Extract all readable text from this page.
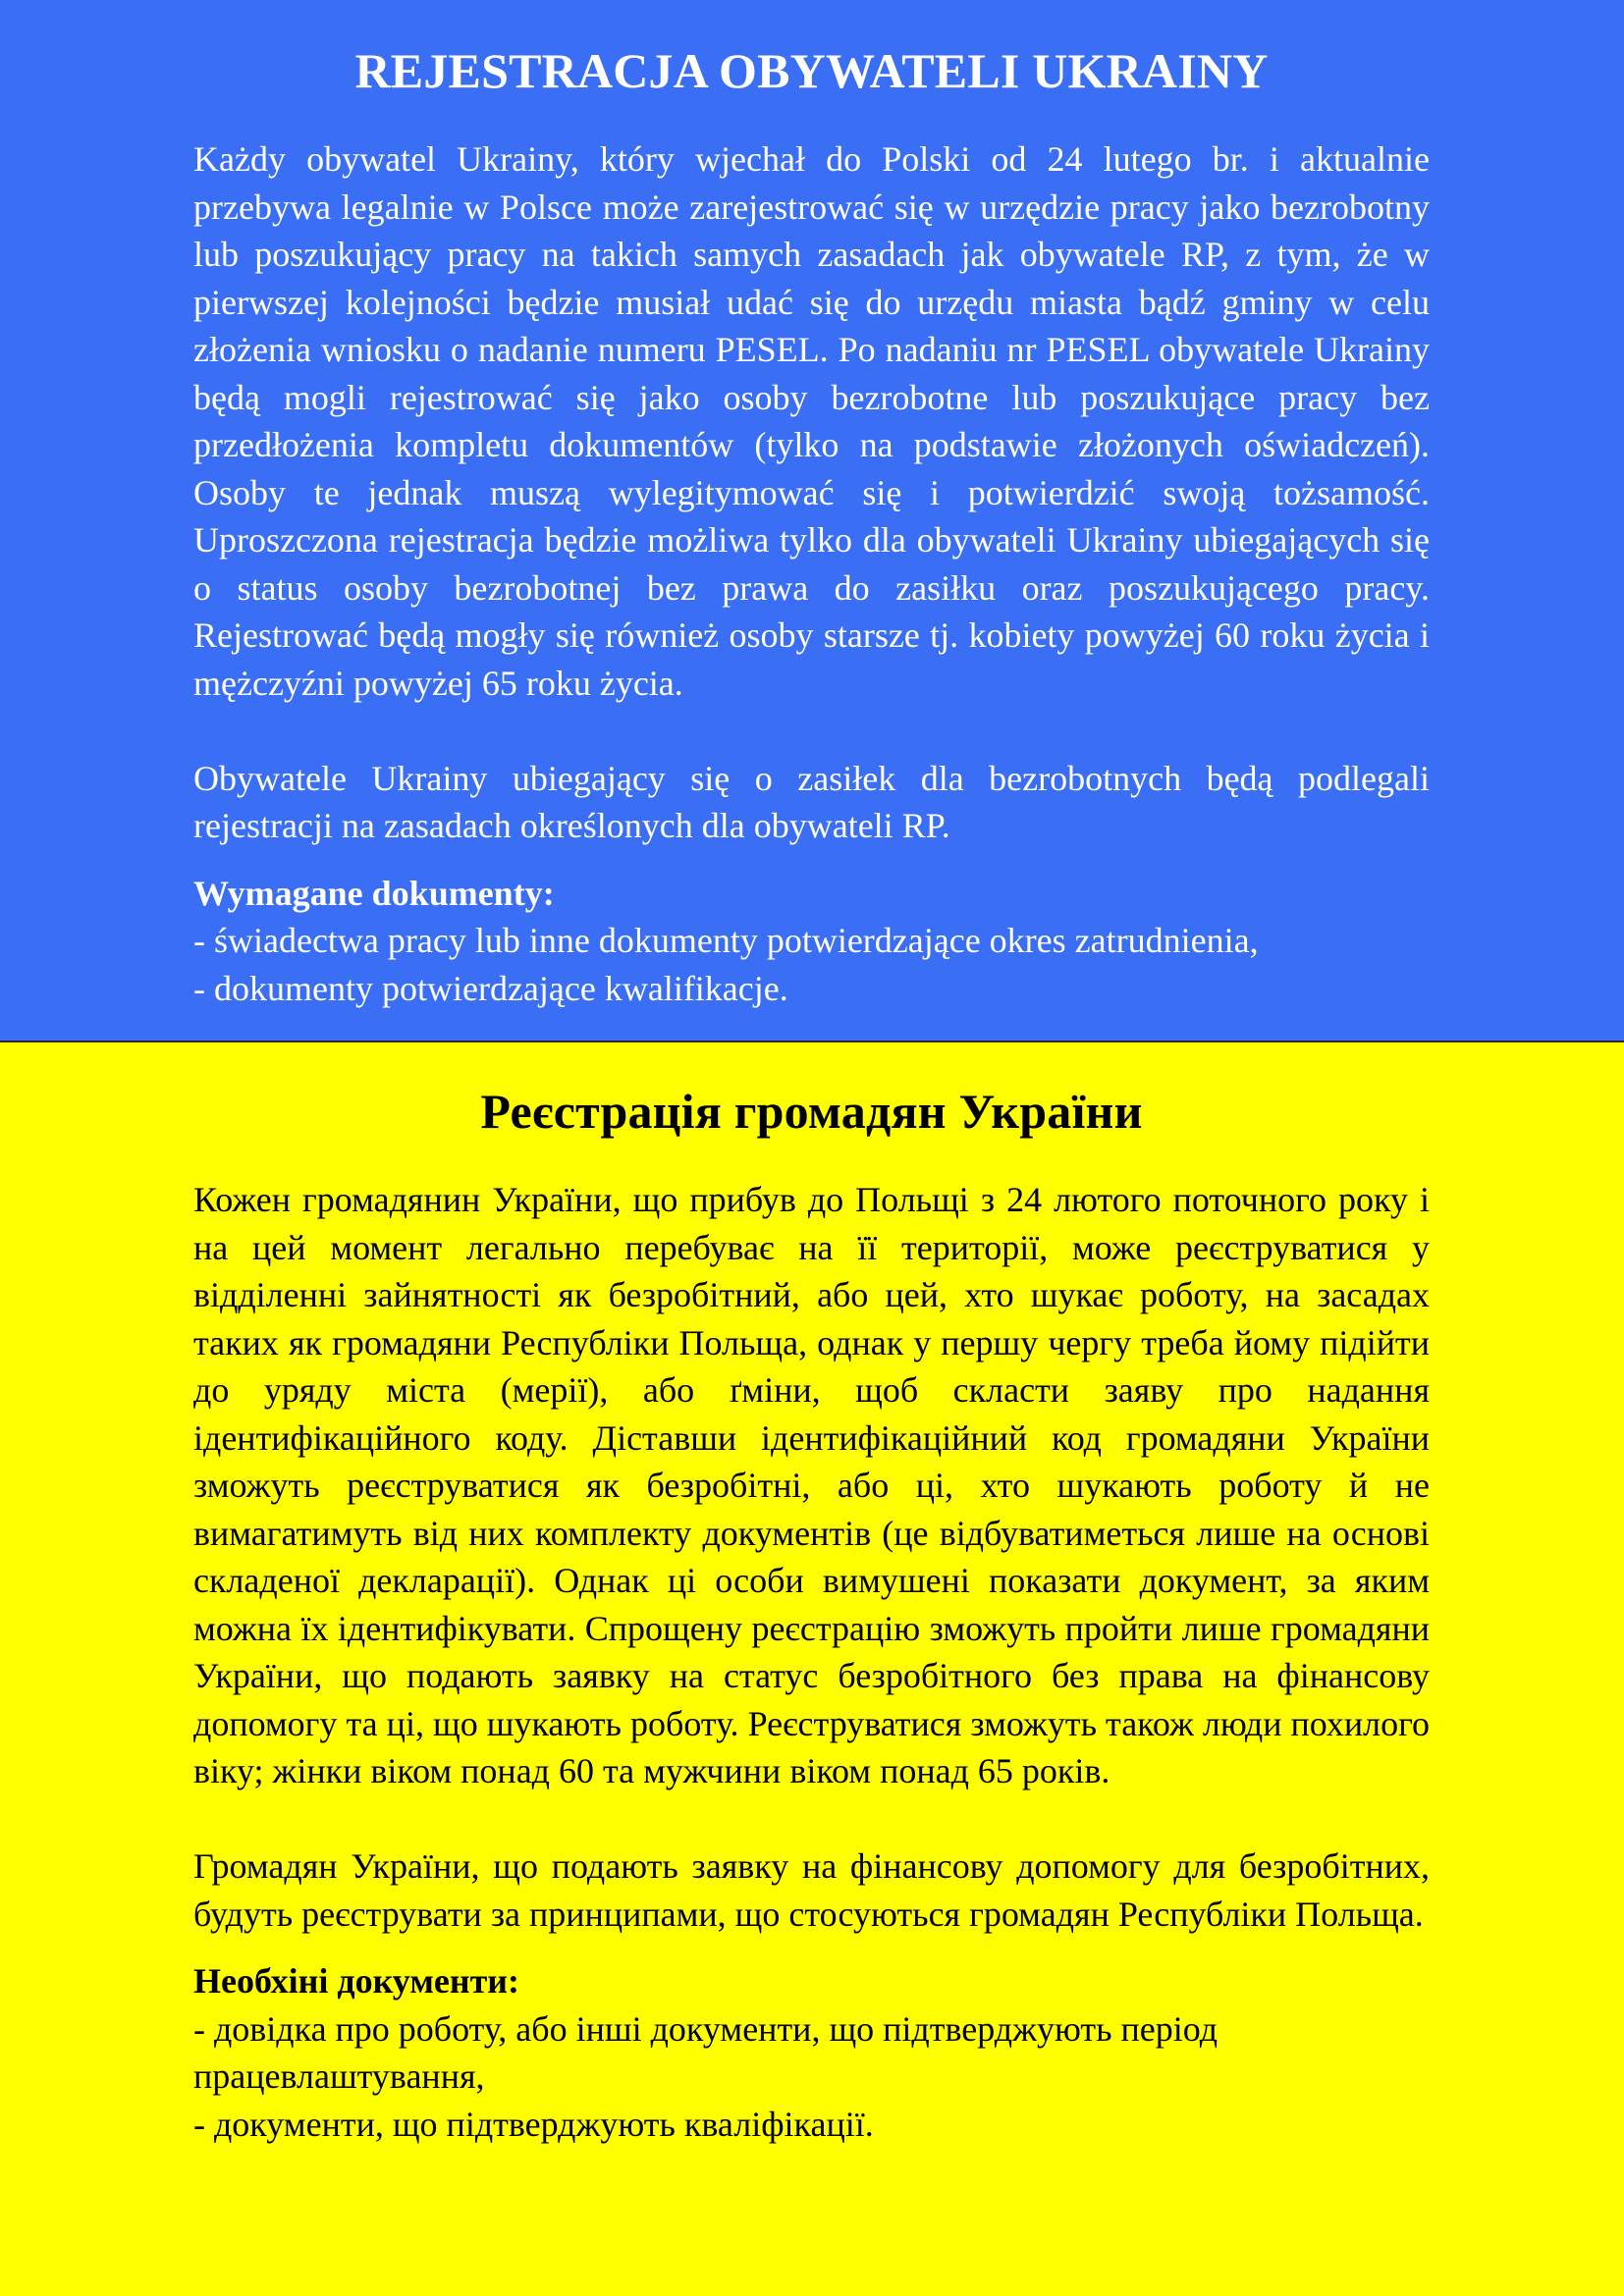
REJESTRACJA OBYWATELI UKRAINY

Każdy obywatel Ukrainy, który wjechał do Polski od 24 lutego br. i aktualnie przebywa legalnie w Polsce może zarejestrować się w urzędzie pracy jako bezrobotny lub poszukujący pracy na takich samych zasadach jak obywatele RP, z tym, że w pierwszej kolejności będzie musiał udać się do urzędu miasta bądź gminy w celu złożenia wniosku o nadanie numeru PESEL. Po nadaniu nr PESEL obywatele Ukrainy będą mogli rejestrować się jako osoby bezrobotne lub poszukujące pracy bez przedłożenia kompletu dokumentów (tylko na podstawie złożonych oświadczeń). Osoby te jednak muszą wylegitymować się i potwierdzić swoją tożsamość. Uproszczona rejestracja będzie możliwa tylko dla obywateli Ukrainy ubiegających się o status osoby bezrobotnej bez prawa do zasiłku oraz poszukującego pracy. Rejestrować będą mogły się również osoby starsze tj. kobiety powyżej 60 roku życia i mężczyźni powyżej 65 roku życia.

Obywatele Ukrainy ubiegający się o zasiłek dla bezrobotnych będą podlegali rejestracji na zasadach określonych dla obywateli RP.

Wymagane dokumenty:
- świadectwa pracy lub inne dokumenty potwierdzające okres zatrudnienia,
- dokumenty potwierdzające kwalifikacje.
Реєстрація громадян України

Кожен громадянин України, що прибув до Польщі з 24 лютого поточного року і на цей момент легально перебуває на її території, може реєструватися у відділенні зайнятності як безробітний, або цей, хто шукає роботу, на засадах таких як громадяни Республіки Польща, однак у першу чергу треба йому підійти до уряду міста (мерії), або ґміни, щоб скласти заяву про надання ідентифікаційного коду. Діставши ідентифікаційний код громадяни України зможуть реєструватися як безробітні, або ці, хто шукають роботу й не вимагатимуть від них комплекту документів (це відбуватиметься лише на основі складеної декларації). Однак ці особи вимушені показати документ, за яким можна їх ідентифікувати. Спрощену реєстрацію зможуть пройти лише громадяни України, що подають заявку на статус безробітного без права на фінансову допомогу та ці, що шукають роботу. Реєструватися зможуть також люди похилого віку; жінки віком понад 60 та мужчини віком понад 65 років.

Громадян України, що подають заявку на фінансову допомогу для безробітних, будуть реєструвати за принципами, що стосуються громадян Республіки Польща.

Необхіні документи:
- довідка про роботу, або інші документи, що підтверджують період працевлаштування,
- документи, що підтверджують кваліфікації.
